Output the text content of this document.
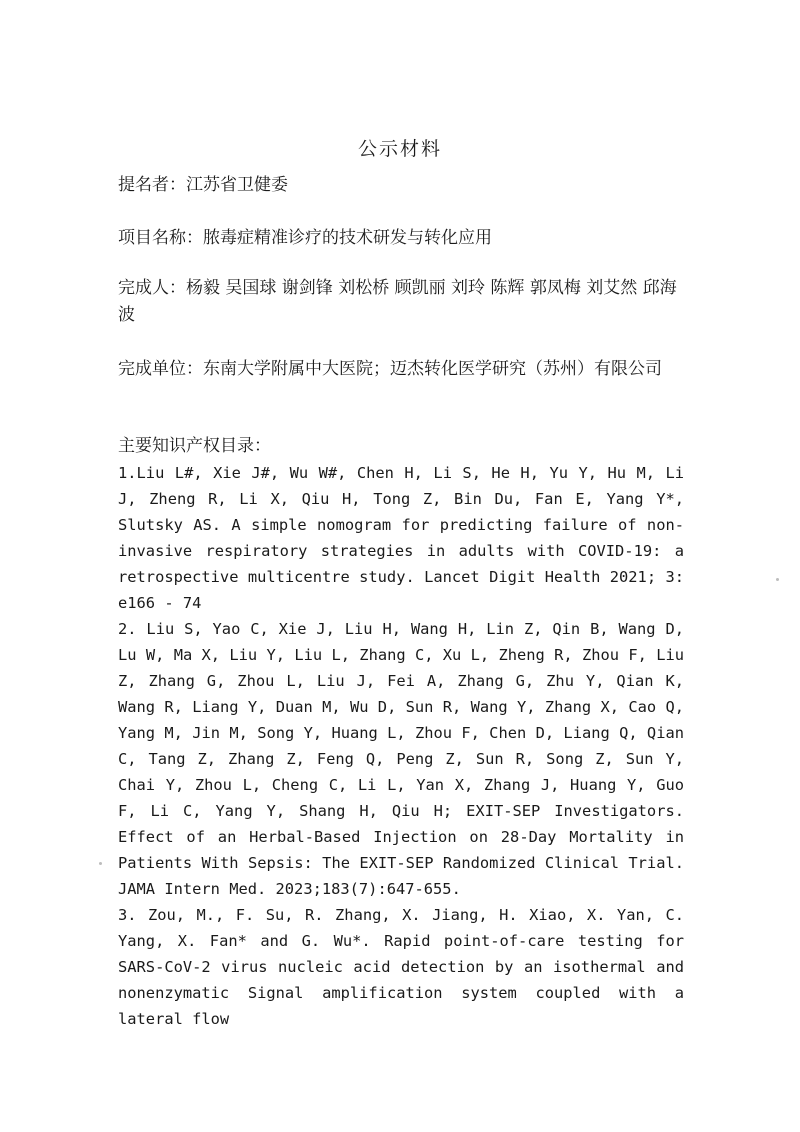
公示材料
提名者：江苏省卫健委
项目名称：脓毒症精准诊疗的技术研发与转化应用
完成人：杨毅 吴国球 谢剑锋 刘松桥 顾凯丽 刘玲 陈辉 郭凤梅 刘艾然 邱海波
完成单位：东南大学附属中大医院；迈杰转化医学研究（苏州）有限公司
主要知识产权目录：

1.Liu L#, Xie J#, Wu W#, Chen H, Li S, He H, Yu Y, Hu M, Li J, Zheng R, Li X, Qiu H, Tong Z, Bin Du, Fan E, Yang Y*, Slutsky AS. A simple nomogram for predicting failure of non-invasive respiratory strategies in adults with COVID-19: a retrospective multicentre study. Lancet Digit Health 2021; 3: e166 - 74

2. Liu S, Yao C, Xie J, Liu H, Wang H, Lin Z, Qin B, Wang D, Lu W, Ma X, Liu Y, Liu L, Zhang C, Xu L, Zheng R, Zhou F, Liu Z, Zhang G, Zhou L, Liu J, Fei A, Zhang G, Zhu Y, Qian K, Wang R, Liang Y, Duan M, Wu D, Sun R, Wang Y, Zhang X, Cao Q, Yang M, Jin M, Song Y, Huang L, Zhou F, Chen D, Liang Q, Qian C, Tang Z, Zhang Z, Feng Q, Peng Z, Sun R, Song Z, Sun Y, Chai Y, Zhou L, Cheng C, Li L, Yan X, Zhang J, Huang Y, Guo F, Li C, Yang Y, Shang H, Qiu H; EXIT-SEP Investigators. Effect of an Herbal-Based Injection on 28-Day Mortality in Patients With Sepsis: The EXIT-SEP Randomized Clinical Trial. JAMA Intern Med. 2023;183(7):647-655.

3. Zou, M., F. Su, R. Zhang, X. Jiang, H. Xiao, X. Yan, C. Yang, X. Fan* and G. Wu*. Rapid point-of-care testing for SARS-CoV-2 virus nucleic acid detection by an isothermal and nonenzymatic Signal amplification system coupled with a lateral flow
